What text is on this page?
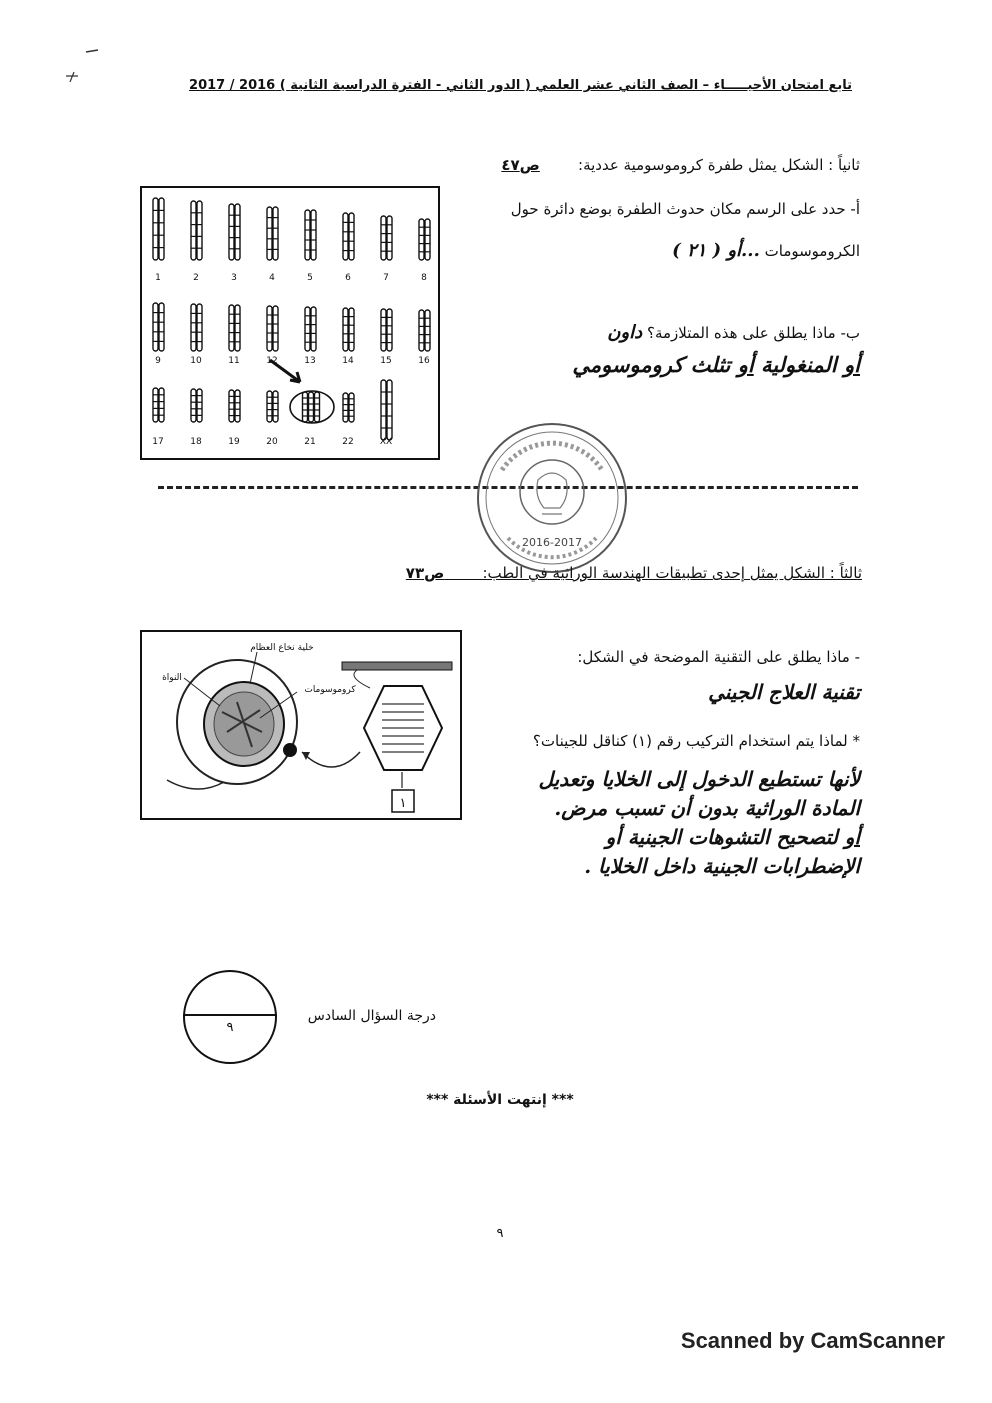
تابع امتحان الأحيـــــاء – الصف الثاني عشر العلمي ( الدور الثاني - الفترة الدراسية الثانية ) 2016 / 2017
ثانياً : الشكل يمثل طفرة كروموسومية عددية:        ص٤٧
أ- حدد على الرسم مكان حدوث الطفرة بوضع دائرة حول
الكروموسومات ...أو ( ٢١ )
ب- ماذا يطلق على هذه المتلازمة؟ داون
أو المنغولية أو تثلث كروموسومي
1	2	3	4	5	6	7	8
9	10	11	12	13	14	15	16
17	18	19	20	21	22	XX
2016-2017
ثالثاً : الشكل يمثل إحدى تطبيقات الهندسة الوراثية في الطب:        ص٧٣
خلية نخاع العظام
النواة
كروموسومات
١
- ماذا يطلق على التقنية الموضحة في الشكل:
تقنية العلاج الجيني
* لماذا يتم استخدام التركيب رقم (١) كناقل للجينات؟
لأنها تستطيع الدخول إلى الخلايا وتعديل
المادة الوراثية بدون أن تسبب مرض.
أو لتصحيح التشوهات الجينية أو
الإضطرابات الجينية داخل الخلايا .
٩
درجة السؤال السادس
*** إنتهت الأسئلة ***
٩
Scanned by CamScanner
